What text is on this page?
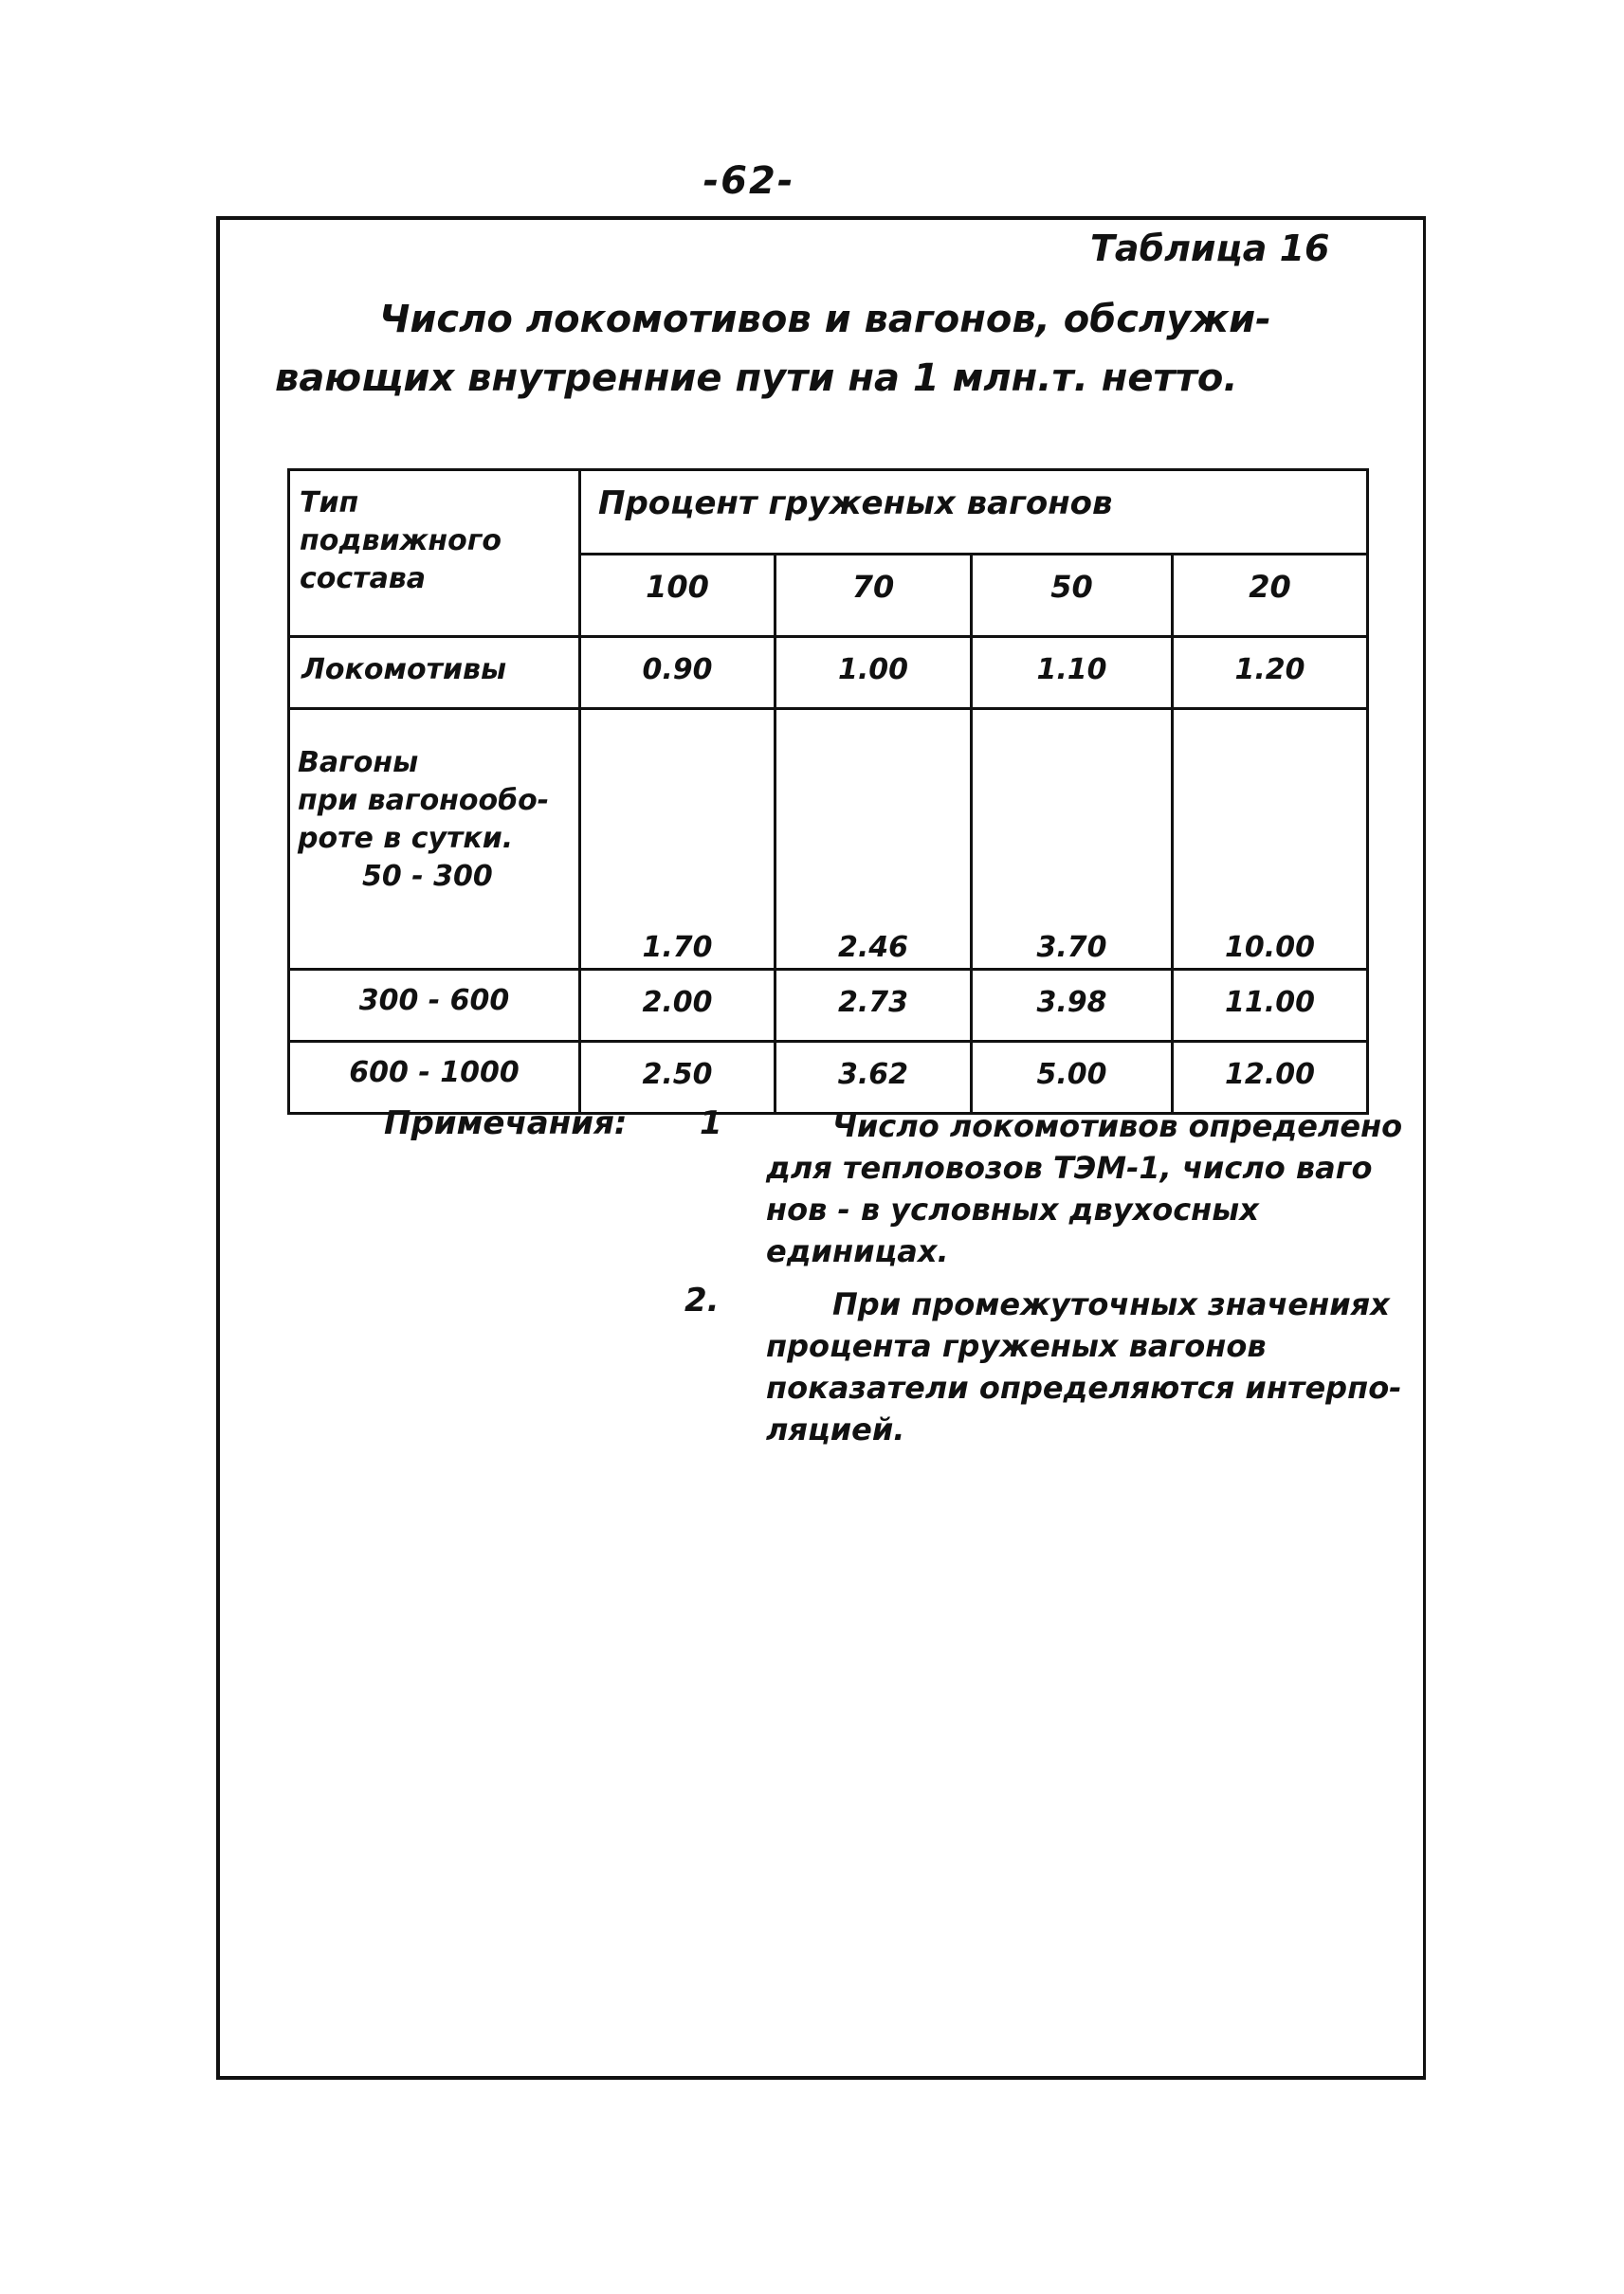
-62-
Таблица 16
Число локомотивов и вагонов, обслужи-
вающих внутренние пути на 1 млн.т. нетто.
Тип
подвижного
состава	Процент груженых вагонов			
	100	70	50	20
Локомотивы	0.90	1.00	1.10	1.20

Вагоны
при вагонообо-
роте в сутки.
50 - 300	1.70	2.46	3.70	10.00
300 - 600	2.00	2.73	3.98	11.00
600 - 1000	2.50	3.62	5.00	12.00
Примечания: 1	Число локомотивов определено
для тепловозов ТЭМ-1, число ваго
нов - в условных двухосных
единицах.
2.	При промежуточных значениях
процента груженых вагонов
показатели определяются интерпо-
ляцией.
